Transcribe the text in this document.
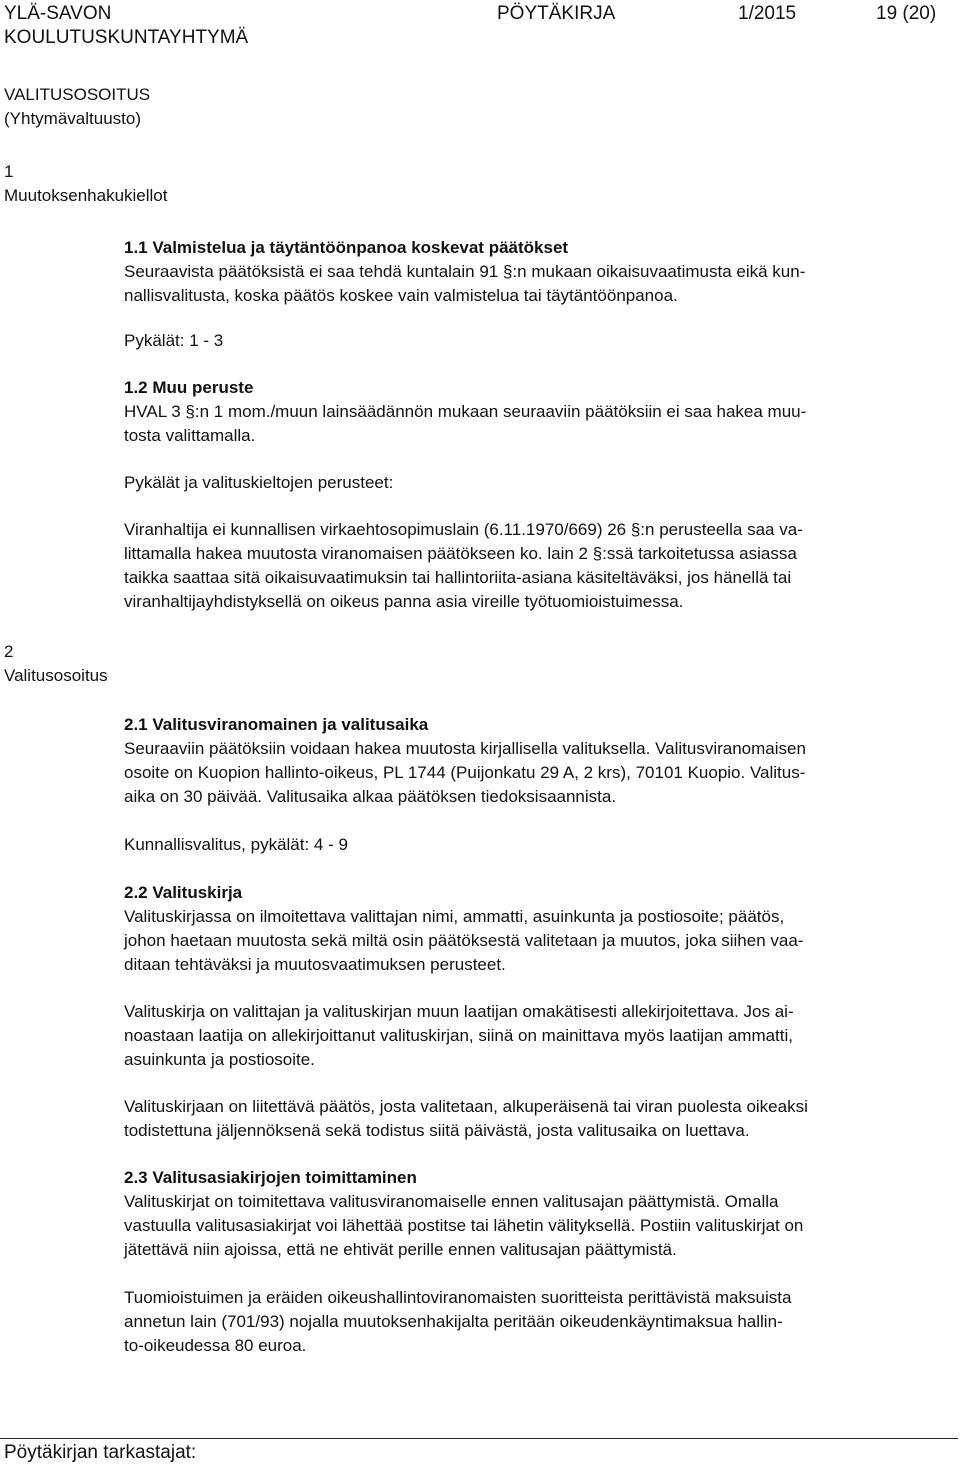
YLÄ-SAVON
KOULUTUSKUNTAYHTYMÄ
PÖYTÄKIRJA	1/2015	19 (20)
VALITUSOSOITUS
(Yhtymävaltuusto)
1
Muutoksenhakukiellot

1.1 Valmistelua ja täytäntöönpanoa koskevat päätökset

Seuraavista päätöksistä ei saa tehdä kuntalain 91 §:n mukaan oikaisuvaatimusta eikä kun-

nallisvalitusta, koska päätös koskee vain valmistelua tai täytäntöönpanoa.

Pykälät: 1 - 3

1.2 Muu peruste

HVAL 3 §:n 1 mom./muun lainsäädännön mukaan seuraaviin päätöksiin ei saa hakea muu-

tosta valittamalla.

Pykälät ja valituskieltojen perusteet:

Viranhaltija ei kunnallisen virkaehtosopimuslain (6.11.1970/669) 26 §:n perusteella saa va-

littamalla hakea muutosta viranomaisen päätökseen ko. lain 2 §:ssä tarkoitetussa asiassa

taikka saattaa sitä oikaisuvaatimuksin tai hallintoriita-asiana käsiteltäväksi, jos hänellä tai

viranhaltijayhdistyksellä on oikeus panna asia vireille työtuomioistuimessa.

2
Valitusosoitus

2.1 Valitusviranomainen ja valitusaika

Seuraaviin päätöksiin voidaan hakea muutosta kirjallisella valituksella. Valitusviranomaisen

osoite on Kuopion hallinto-oikeus, PL 1744 (Puijonkatu 29 A, 2 krs), 70101 Kuopio. Valitus-

aika on 30 päivää. Valitusaika alkaa päätöksen tiedoksisaannista.

Kunnallisvalitus, pykälät: 4 - 9

2.2 Valituskirja

Valituskirjassa on ilmoitettava valittajan nimi, ammatti, asuinkunta ja postiosoite; päätös,

johon haetaan muutosta sekä miltä osin päätöksestä valitetaan ja muutos, joka siihen vaa-

ditaan tehtäväksi ja muutosvaatimuksen perusteet.

Valituskirja on valittajan ja valituskirjan muun laatijan omakätisesti allekirjoitettava. Jos ai-

noastaan laatija on allekirjoittanut valituskirjan, siinä on mainittava myös laatijan ammatti,

asuinkunta ja postiosoite.

Valituskirjaan on liitettävä päätös, josta valitetaan, alkuperäisenä tai viran puolesta oikeaksi

todistettuna jäljennöksenä sekä todistus siitä päivästä, josta valitusaika on luettava.

2.3 Valitusasiakirjojen toimittaminen

Valituskirjat on toimitettava valitusviranomaiselle ennen valitusajan päättymistä. Omalla

vastuulla valitusasiakirjat voi lähettää postitse tai lähetin välityksellä. Postiin valituskirjat on

jätettävä niin ajoissa, että ne ehtivät perille ennen valitusajan päättymistä.

Tuomioistuimen ja eräiden oikeushallintoviranomaisten suoritteista perittävistä maksuista

annetun lain (701/93) nojalla muutoksenhakijalta peritään oikeudenkäyntimaksua hallin-

to-oikeudessa 80 euroa.

Pöytäkirjan tarkastajat:
